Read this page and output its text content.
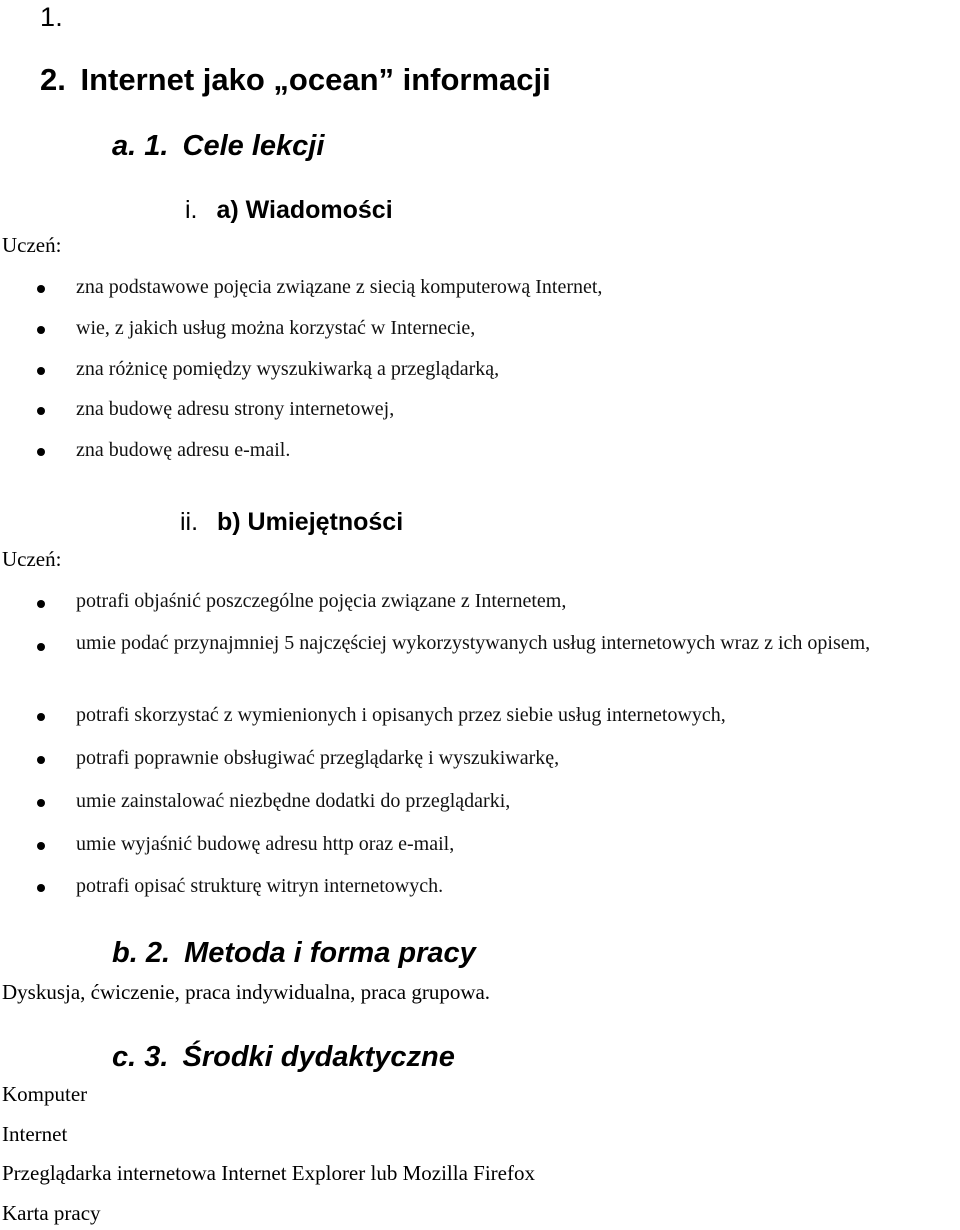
1.
2. Internet jako „ocean” informacji
a. 1. Cele lekcji
i. a) Wiadomości
Uczeń:
zna podstawowe pojęcia związane z siecią komputerową Internet,
wie, z jakich usług można korzystać w Internecie,
zna różnicę pomiędzy wyszukiwarką a przeglądarką,
zna budowę adresu strony internetowej,
zna budowę adresu e-mail.
ii. b) Umiejętności
Uczeń:
potrafi objaśnić poszczególne pojęcia związane z Internetem,
umie podać przynajmniej 5 najczęściej wykorzystywanych usług internetowych wraz z ich opisem,
potrafi skorzystać z wymienionych i opisanych przez siebie usług internetowych,
potrafi poprawnie obsługiwać przeglądarkę i wyszukiwarkę,
umie zainstalować niezbędne dodatki do przeglądarki,
umie wyjaśnić budowę adresu http oraz e-mail,
potrafi opisać strukturę witryn internetowych.
b. 2. Metoda i forma pracy
Dyskusja, ćwiczenie, praca indywidualna, praca grupowa.
c. 3. Środki dydaktyczne
Komputer
Internet
Przeglądarka internetowa Internet Explorer lub Mozilla Firefox
Karta pracy
